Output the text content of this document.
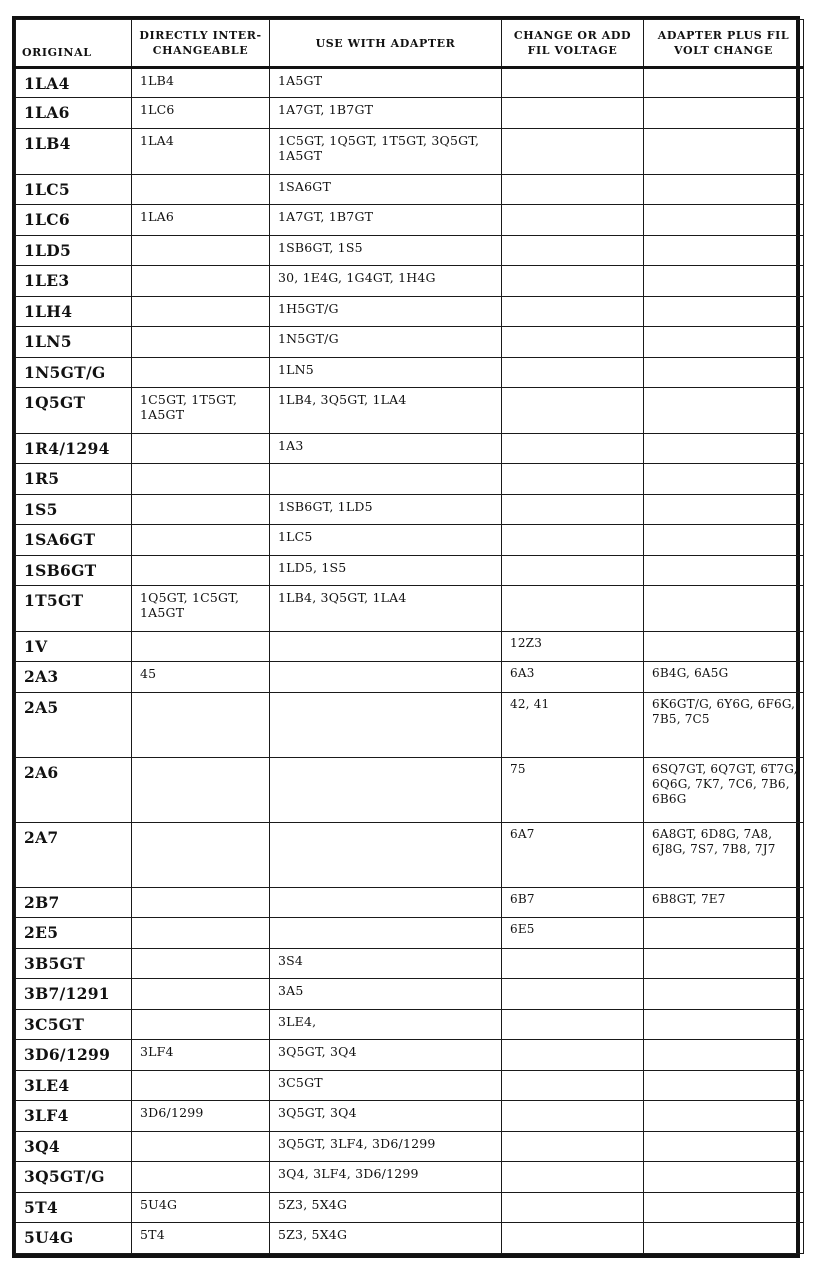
ORIGINAL	DIRECTLY INTER-CHANGEABLE	USE WITH ADAPTER	CHANGE OR ADD FIL VOLTAGE	ADAPTER PLUS FIL VOLT CHANGE
1LA4	1LB4	1A5GT		
1LA6	1LC6	1A7GT, 1B7GT		
1LB4	1LA4	1C5GT, 1Q5GT, 1T5GT, 3Q5GT, 1A5GT		
1LC5		1SA6GT		
1LC6	1LA6	1A7GT, 1B7GT		
1LD5		1SB6GT, 1S5		
1LE3		30, 1E4G, 1G4GT, 1H4G		
1LH4		1H5GT/G		
1LN5		1N5GT/G		
1N5GT/G		1LN5		
1Q5GT	1C5GT, 1T5GT, 1A5GT	1LB4, 3Q5GT, 1LA4		
1R4/1294		1A3		
1R5				
1S5		1SB6GT, 1LD5		
1SA6GT		1LC5		
1SB6GT		1LD5, 1S5		
1T5GT	1Q5GT, 1C5GT, 1A5GT	1LB4, 3Q5GT, 1LA4		
1V			12Z3	
2A3	45		6A3	6B4G, 6A5G
2A5			42, 41	6K6GT/G, 6Y6G, 6F6G, 7B5, 7C5
2A6			75	6SQ7GT, 6Q7GT, 6T7G, 6Q6G, 7K7, 7C6, 7B6, 6B6G
2A7			6A7	6A8GT, 6D8G, 7A8, 6J8G, 7S7, 7B8, 7J7
2B7			6B7	6B8GT, 7E7
2E5			6E5	
3B5GT		3S4		
3B7/1291		3A5		
3C5GT		3LE4,		
3D6/1299	3LF4	3Q5GT, 3Q4		
3LE4		3C5GT		
3LF4	3D6/1299	3Q5GT, 3Q4		
3Q4		3Q5GT, 3LF4, 3D6/1299		
3Q5GT/G		3Q4, 3LF4, 3D6/1299		
5T4	5U4G	5Z3, 5X4G		
5U4G	5T4	5Z3, 5X4G		
